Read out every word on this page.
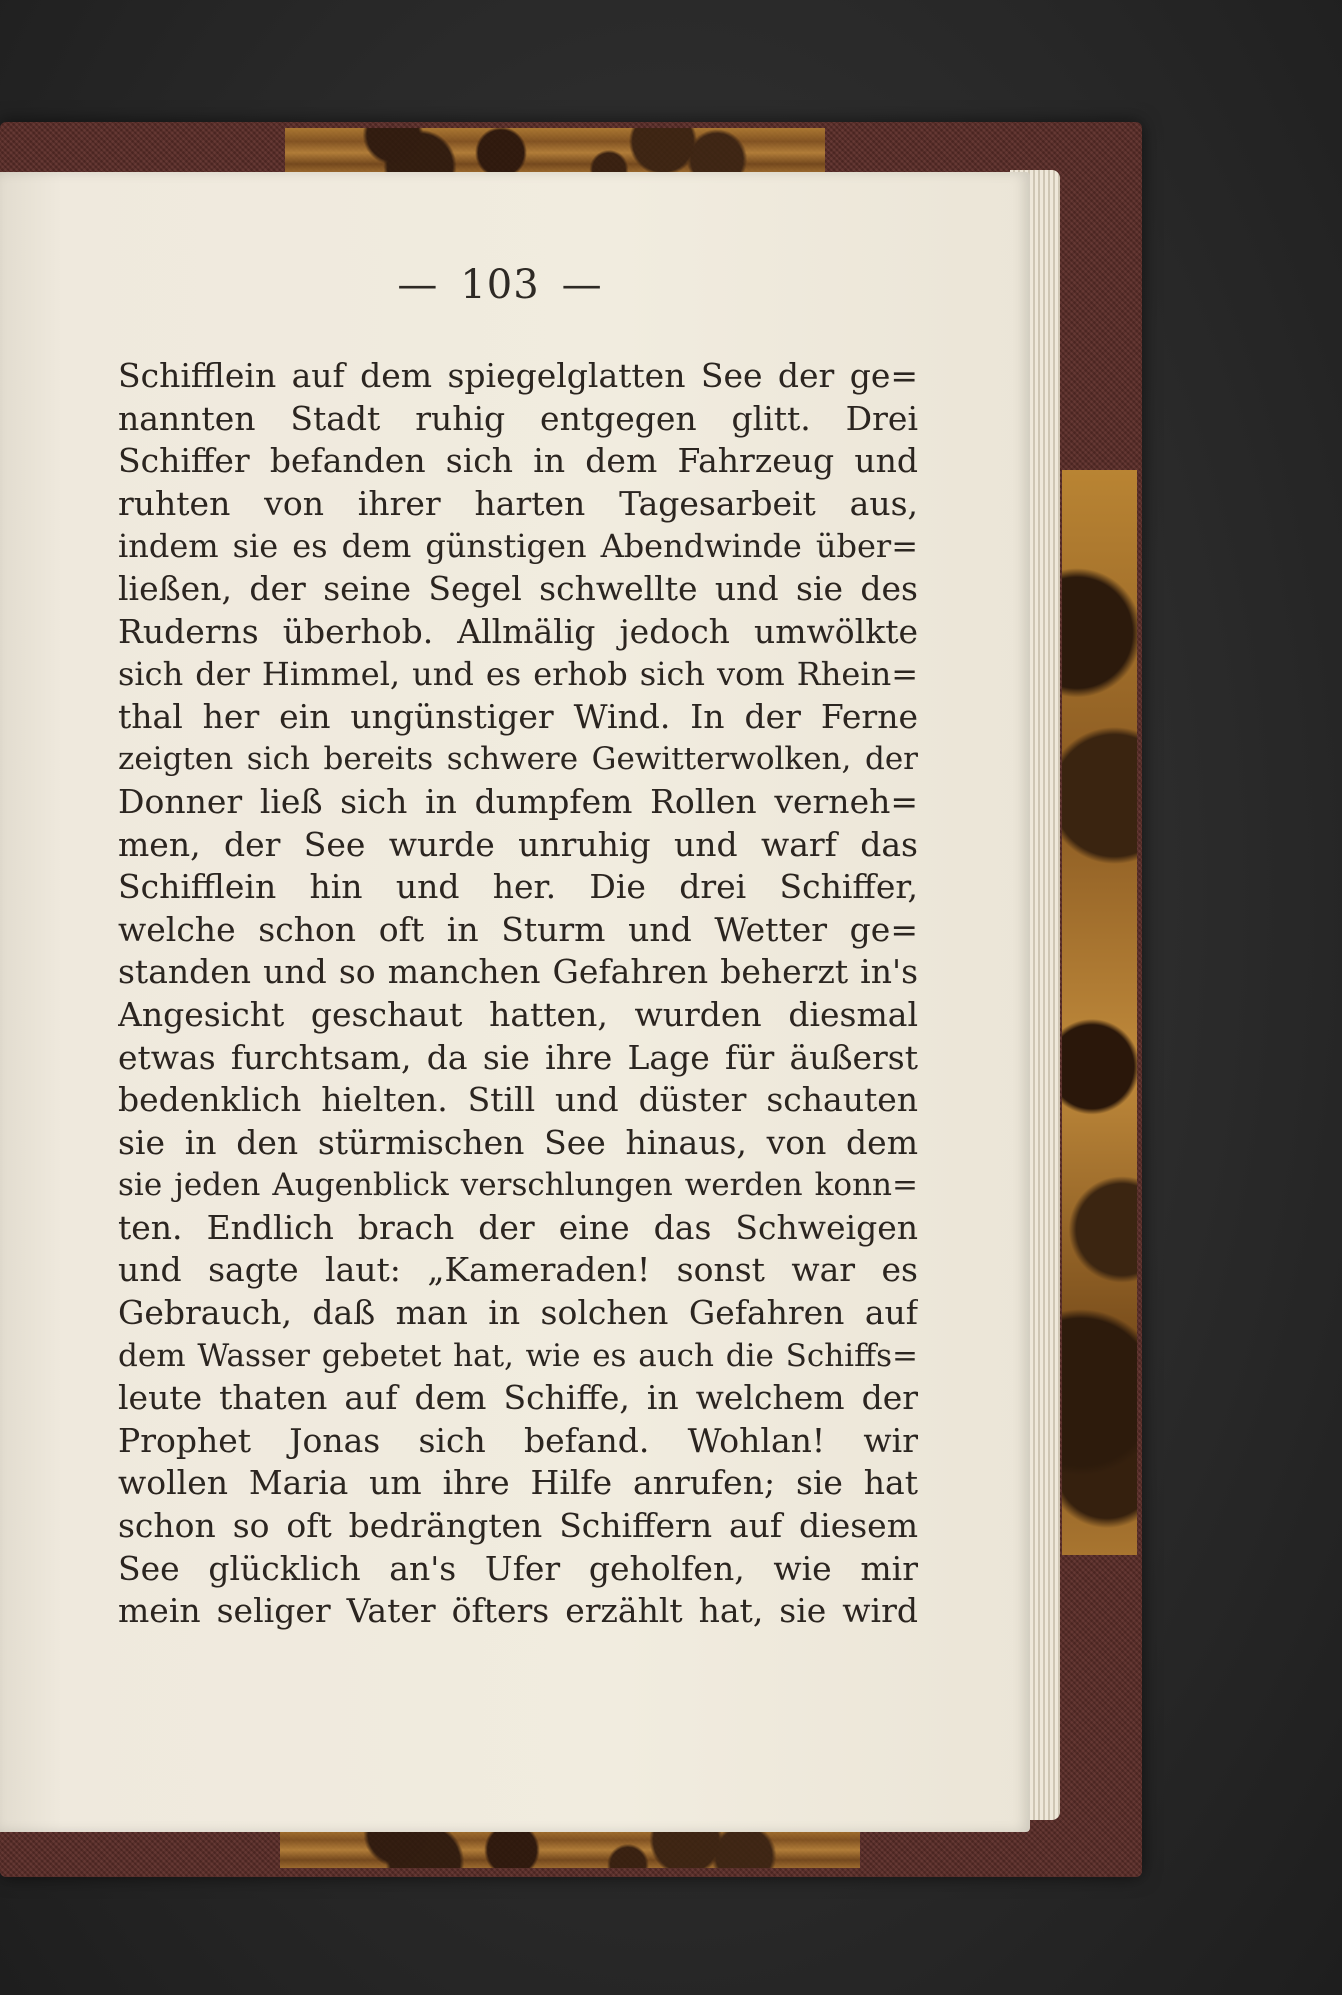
— 103 —
Schifflein auf dem spiegelglatten See der ge=
nannten Stadt ruhig entgegen glitt. Drei
Schiffer befanden sich in dem Fahrzeug und
ruhten von ihrer harten Tagesarbeit aus,
indem sie es dem günstigen Abendwinde über=
ließen, der seine Segel schwellte und sie des
Ruderns überhob. Allmälig jedoch umwölkte
sich der Himmel, und es erhob sich vom Rhein=
thal her ein ungünstiger Wind. In der Ferne
zeigten sich bereits schwere Gewitterwolken, der
Donner ließ sich in dumpfem Rollen verneh=
men, der See wurde unruhig und warf das
Schifflein hin und her. Die drei Schiffer,
welche schon oft in Sturm und Wetter ge=
standen und so manchen Gefahren beherzt in's
Angesicht geschaut hatten, wurden diesmal
etwas furchtsam, da sie ihre Lage für äußerst
bedenklich hielten. Still und düster schauten
sie in den stürmischen See hinaus, von dem
sie jeden Augenblick verschlungen werden konn=
ten. Endlich brach der eine das Schweigen
und sagte laut: „Kameraden! sonst war es
Gebrauch, daß man in solchen Gefahren auf
dem Wasser gebetet hat, wie es auch die Schiffs=
leute thaten auf dem Schiffe, in welchem der
Prophet Jonas sich befand. Wohlan! wir
wollen Maria um ihre Hilfe anrufen; sie hat
schon so oft bedrängten Schiffern auf diesem
See glücklich an's Ufer geholfen, wie mir
mein seliger Vater öfters erzählt hat, sie wird
